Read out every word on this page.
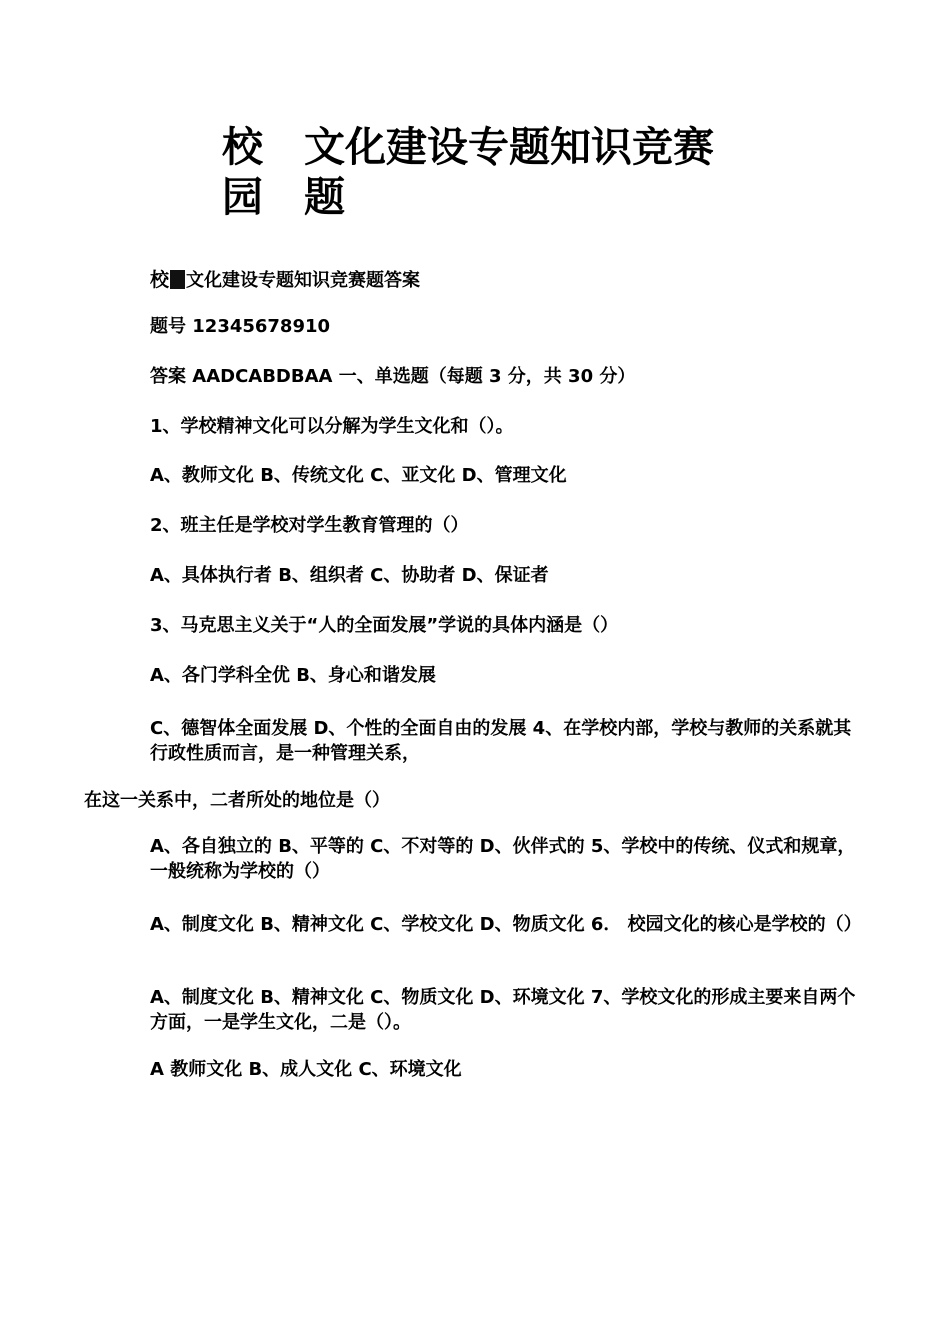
校	文化建设专题知识竞赛
园	题
校 文化建设专题知识竞赛题答案
题号 12345678910
答案 AADCABDBAA 一、单选题（每题 3 分，共 30 分）
1、学校精神文化可以分解为学生文化和（）。
A、教师文化 B、传统文化 C、亚文化 D、管理文化
2、班主任是学校对学生教育管理的（）
A、具体执行者 B、组织者 C、协助者 D、保证者
3、马克思主义关于“人的全面发展”学说的具体内涵是（）
A、各门学科全优 B、身心和谐发展
C、德智体全面发展 D、个性的全面自由的发展 4、在学校内部，学校与教师的关系就其行政性质而言，是一种管理关系，
在这一关系中，二者所处的地位是（）
A、各自独立的 B、平等的 C、不对等的 D、伙伴式的 5、学校中的传统、仪式和规章，一般统称为学校的（）
A、制度文化 B、精神文化 C、学校文化 D、物质文化 6． 校园文化的核心是学校的（）
A、制度文化 B、精神文化 C、物质文化 D、环境文化 7、学校文化的形成主要来自两个方面，一是学生文化，二是（）。
A 教师文化 B、成人文化 C、环境文化
